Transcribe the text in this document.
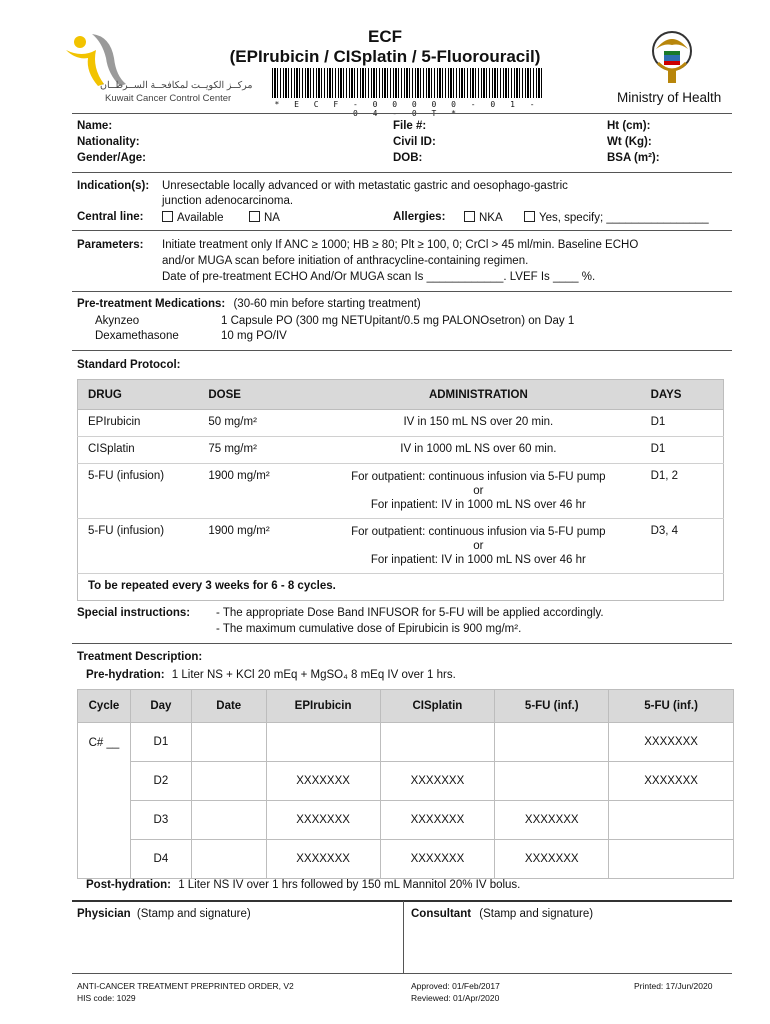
مركــز الكويــت لمكافحــة الســرطــان
Kuwait Cancer Control Center
ECF
(EPIrubicin / CISplatin / 5-Fluorouracil)
* E C F - 0 0 0 0 0 - 0 1 - 0 4 - 0 T *
Ministry of Health
Name:
Nationality:
Gender/Age:
File #:
Civil ID:
DOB:
Ht (cm):
Wt (Kg):
BSA (m²):
Indication(s): Unresectable locally advanced or with metastatic gastric and oesophago-gastric
junction adenocarcinoma.
Central line:	Available	NA	Allergies:	NKA	Yes, specify; ________________
Parameters: Initiate treatment only If ANC ≥ 1000; HB ≥ 80; Plt ≥ 100, 0; CrCl > 45 ml/min. Baseline ECHO
and/or MUGA scan before initiation of anthracycline-containing regimen.
Date of pre-treatment ECHO And/Or MUGA scan Is ____________. LVEF Is ____ %.
Pre-treatment Medications: (30-60 min before starting treatment)
Akynzeo	1 Capsule PO (300 mg NETUpitant/0.5 mg PALONOsetron) on Day 1
Dexamethasone	10 mg PO/IV
Standard Protocol:
DRUG	DOSE	ADMINISTRATION	DAYS
EPIrubicin	50 mg/m²	IV in 150 mL NS over 20 min.	D1
CISplatin	75 mg/m²	IV in 1000 mL NS over 60 min.	D1
5-FU (infusion)	1900 mg/m²	For outpatient: continuous infusion via 5-FU pump
or
For inpatient: IV in 1000 mL NS over 46 hr	D1, 2
5-FU (infusion)	1900 mg/m²	For outpatient: continuous infusion via 5-FU pump
or
For inpatient: IV in 1000 mL NS over 46 hr	D3, 4
To be repeated every 3 weeks for 6 - 8 cycles.			
Special instructions: - The appropriate Dose Band INFUSOR for 5-FU will be applied accordingly.
- The maximum cumulative dose of Epirubicin is 900 mg/m².
Treatment Description:
Pre-hydration: 1 Liter NS + KCl 20 mEq + MgSO₄ 8 mEq IV over 1 hrs.
Cycle	Day	Date	EPIrubicin	CISplatin	5-FU (inf.)	5-FU (inf.)
C# __	D1					XXXXXXX
	D2		XXXXXXX	XXXXXXX		XXXXXXX
	D3		XXXXXXX	XXXXXXX	XXXXXXX	
	D4		XXXXXXX	XXXXXXX	XXXXXXX	
Post-hydration: 1 Liter NS IV over 1 hrs followed by 150 mL Mannitol 20% IV bolus.
Physician (Stamp and signature)	Consultant (Stamp and signature)
ANTI-CANCER TREATMENT PREPRINTED ORDER, V2
HIS code: 1029
Approved: 01/Feb/2017
Reviewed: 01/Apr/2020
Printed: 17/Jun/2020
